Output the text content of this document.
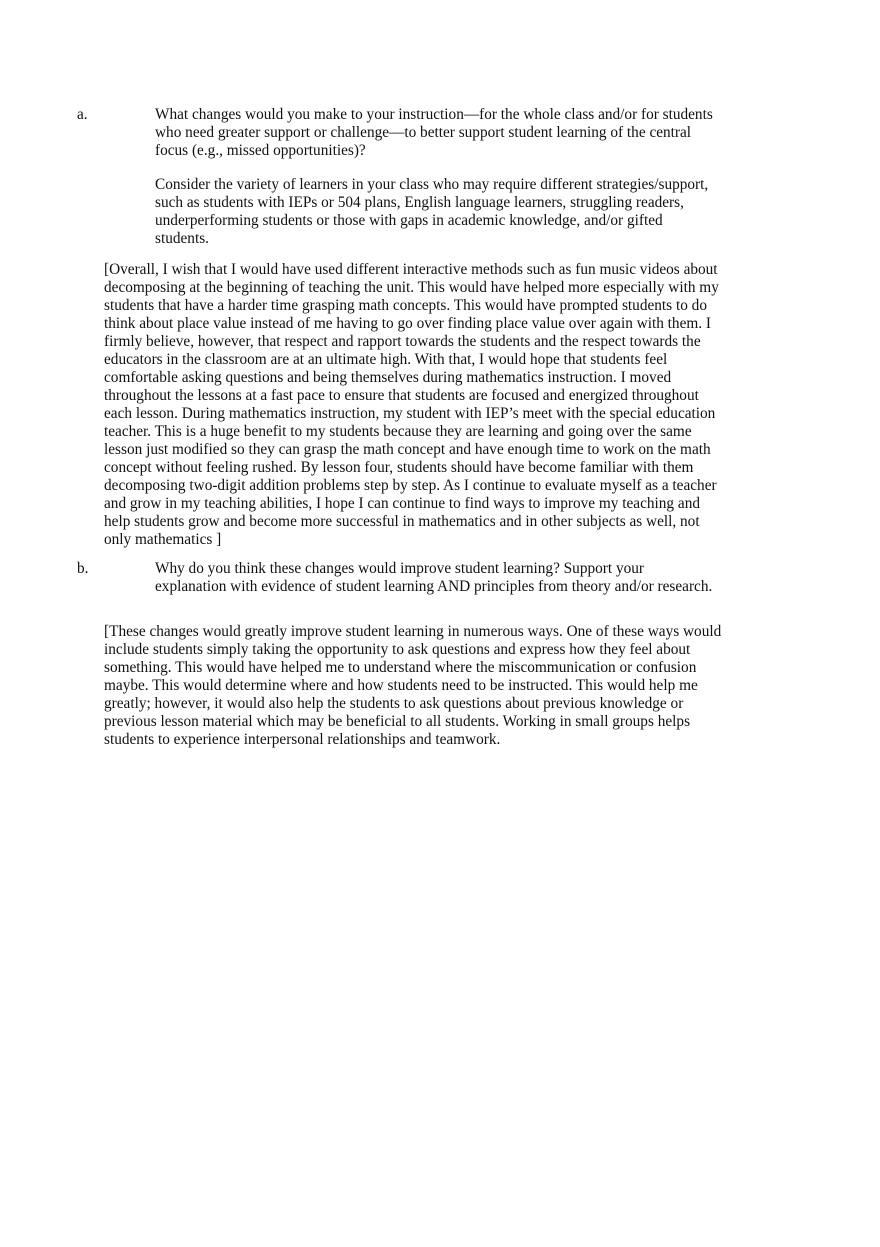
a.	What changes would you make to your instruction—for the whole class and/or for students who need greater support or challenge—to better support student learning of the central focus (e.g., missed opportunities)?

Consider the variety of learners in your class who may require different strategies/support, such as students with IEPs or 504 plans, English language learners, struggling readers, underperforming students or those with gaps in academic knowledge, and/or gifted students.

[Overall, I wish that I would have used different interactive methods such as fun music videos about decomposing at the beginning of teaching the unit. This would have helped more especially with my students that have a harder time grasping math concepts. This would have prompted students to do think about place value instead of me having to go over finding place value over again with them. I firmly believe, however, that respect and rapport towards the students and the respect towards the educators in the classroom are at an ultimate high. With that, I would hope that students feel comfortable asking questions and being themselves during mathematics instruction. I moved throughout the lessons at a fast pace to ensure that students are focused and energized throughout each lesson. During mathematics instruction, my student with IEP’s meet with the special education teacher. This is a huge benefit to my students because they are learning and going over the same lesson just modified so they can grasp the math concept and have enough time to work on the math concept without feeling rushed. By lesson four, students should have become familiar with them decomposing two-digit addition problems step by step. As I continue to evaluate myself as a teacher and grow in my teaching abilities, I hope I can continue to find ways to improve my teaching and help students grow and become more successful in mathematics and in other subjects as well, not only mathematics ]

b.	Why do you think these changes would improve student learning? Support your explanation with evidence of student learning AND principles from theory and/or research.

[These changes would greatly improve student learning in numerous ways. One of these ways would include students simply taking the opportunity to ask questions and express how they feel about something. This would have helped me to understand where the miscommunication or confusion maybe. This would determine where and how students need to be instructed. This would help me greatly; however, it would also help the students to ask questions about previous knowledge or previous lesson material which may be beneficial to all students. Working in small groups helps students to experience interpersonal relationships and teamwork.
